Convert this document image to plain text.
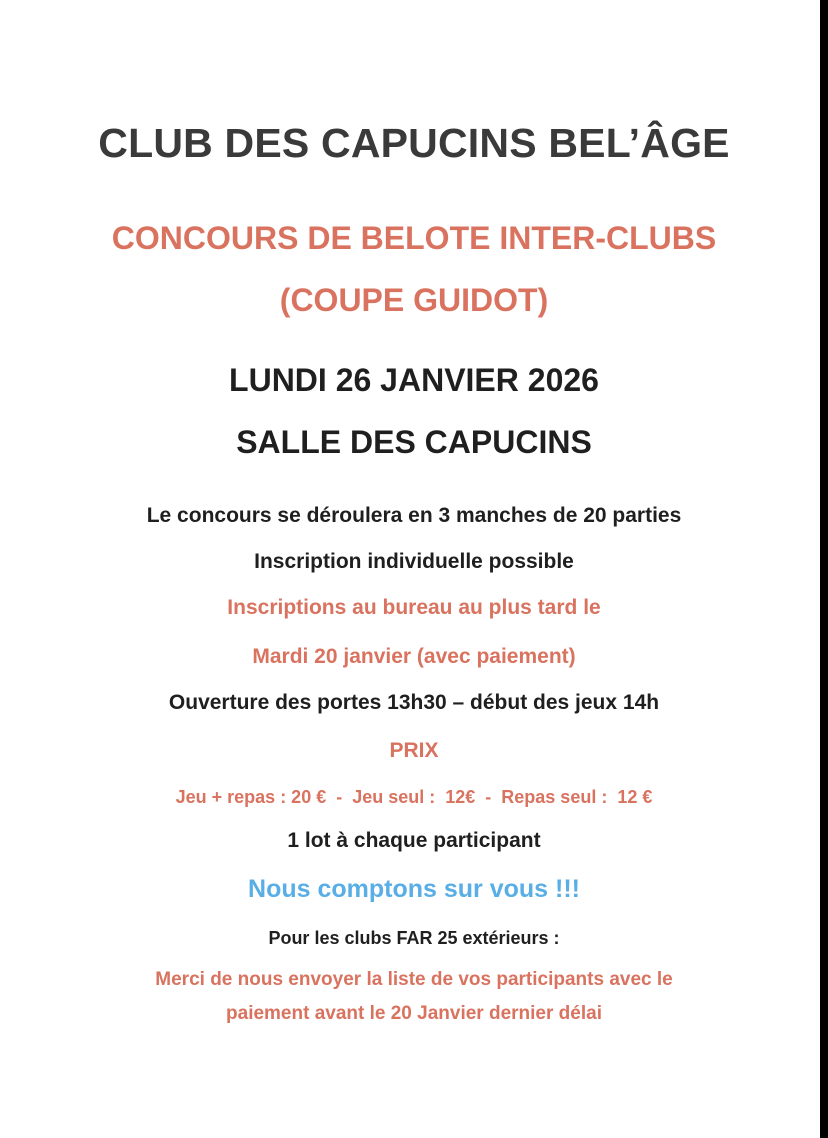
CLUB DES CAPUCINS BEL’ÂGE
CONCOURS DE BELOTE INTER-CLUBS
(COUPE GUIDOT)
LUNDI 26 JANVIER 2026
SALLE DES CAPUCINS
Le concours se déroulera en 3 manches de 20 parties
Inscription individuelle possible
Inscriptions au bureau au plus tard le
Mardi 20 janvier (avec paiement)
Ouverture des portes 13h30 – début des jeux 14h
PRIX
Jeu + repas : 20 €  -  Jeu seul :  12€  -  Repas seul :  12 €
1 lot à chaque participant
Nous comptons sur vous !!!
Pour les clubs FAR 25 extérieurs :
Merci de nous envoyer la liste de vos participants avec le
paiement avant le 20 Janvier dernier délai
